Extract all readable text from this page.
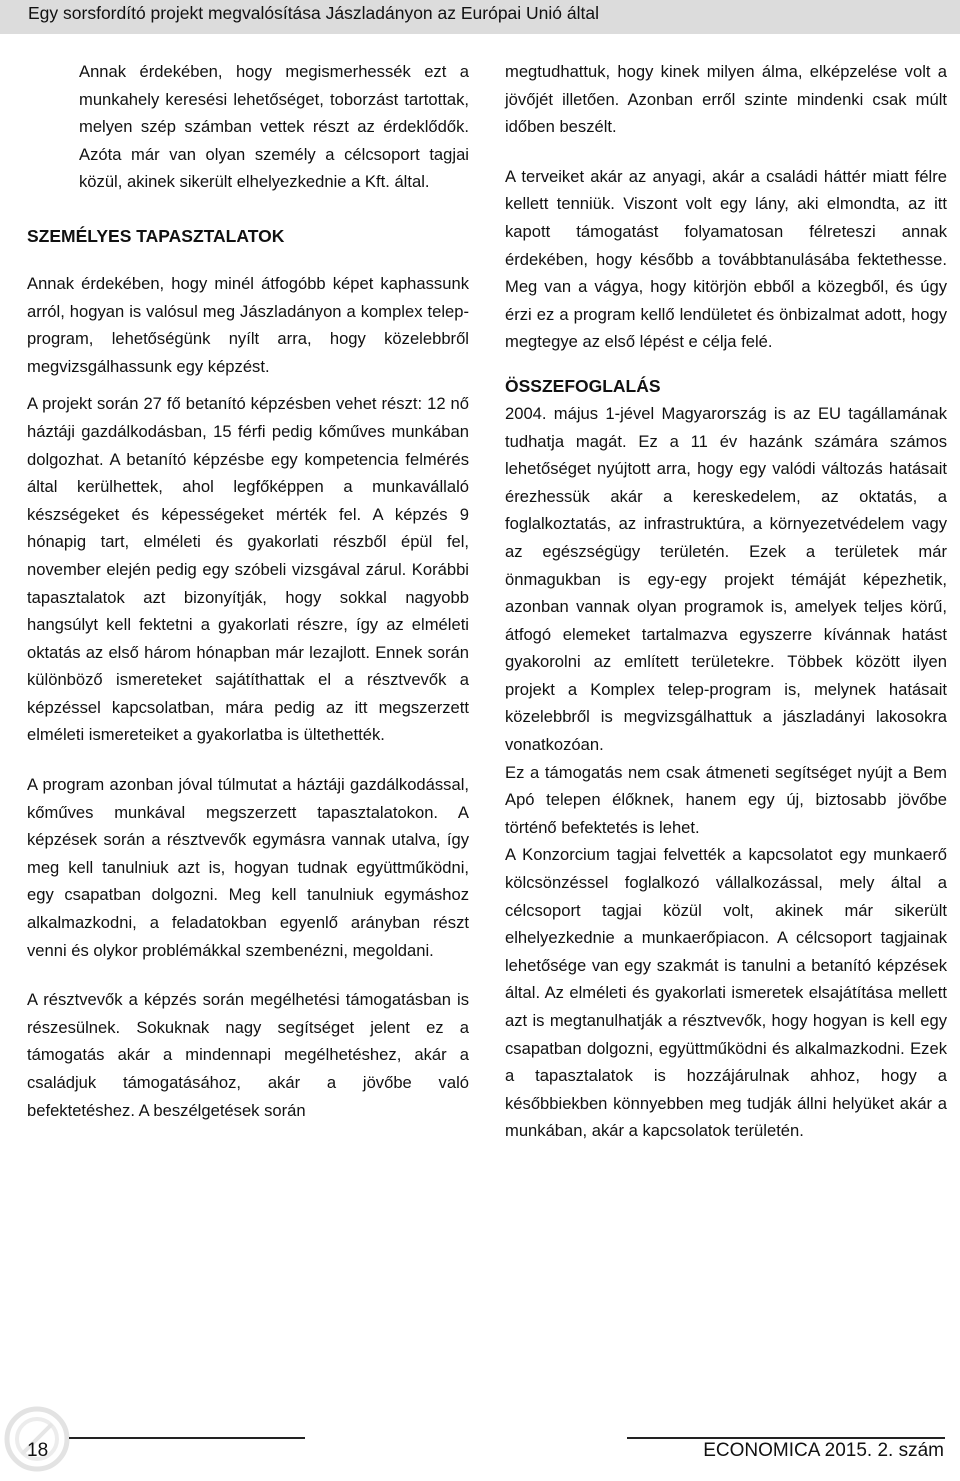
Egy sorsfordító projekt megvalósítása Jászladányon az Európai Unió által

Annak érdekében, hogy megismerhessék ezt a munkahely keresési lehetőséget, toborzást tartottak, melyen szép számban vettek részt az érdeklődők. Azóta már van olyan személy a célcsoport tagjai közül, akinek sikerült elhelyezkednie a Kft. által.

SZEMÉLYES TAPASZTALATOK

Annak érdekében, hogy minél átfogóbb képet kaphassunk arról, hogyan is valósul meg Jászladányon a komplex telep-program, lehetőségünk nyílt arra, hogy közelebbről megvizsgálhassunk egy képzést.

A projekt során 27 fő betanító képzésben vehet részt: 12 nő háztáji gazdálkodásban, 15 férfi pedig kőműves munkában dolgozhat. A betanító képzésbe egy kompetencia felmérés által kerülhettek, ahol legfőképpen a munkavállaló készségeket és képességeket mérték fel. A képzés 9 hónapig tart, elméleti és gyakorlati részből épül fel, november elején pedig egy szóbeli vizsgával zárul. Korábbi tapasztalatok azt bizonyítják, hogy sokkal nagyobb hangsúlyt kell fektetni a gyakorlati részre, így az elméleti oktatás az első három hónapban már lezajlott. Ennek során különböző ismereteket sajátíthattak el a résztvevők a képzéssel kapcsolatban, mára pedig az itt megszerzett elméleti ismereteiket a gyakorlatba is ültethették.

A program azonban jóval túlmutat a háztáji gazdálkodással, kőműves munkával megszerzett tapasztalatokon. A képzések során a résztvevők egymásra vannak utalva, így meg kell tanulniuk azt is, hogyan tudnak együttműködni, egy csapatban dolgozni. Meg kell tanulniuk egymáshoz alkalmazkodni, a feladatokban egyenlő arányban részt venni és olykor problémákkal szembenézni, megoldani.

A résztvevők a képzés során megélhetési támogatásban is részesülnek. Sokuknak nagy segítséget jelent ez a támogatás akár a mindennapi megélhetéshez, akár a családjuk támogatásához, akár a jövőbe való befektetéshez. A beszélgetések során

megtudhattuk, hogy kinek milyen álma, elképzelése volt a jövőjét illetően. Azonban erről szinte mindenki csak múlt időben beszélt.

A terveiket akár az anyagi, akár a családi háttér miatt félre kellett tenniük. Viszont volt egy lány, aki elmondta, az itt kapott támogatást folyamatosan félreteszi annak érdekében, hogy később a továbbtanulásába fektethesse. Meg van a vágya, hogy kitörjön ebből a közegből, és úgy érzi ez a program kellő lendületet és önbizalmat adott, hogy megtegye az első lépést e célja felé.

ÖSSZEFOGLALÁS

2004. május 1-jével Magyarország is az EU tagállamának tudhatja magát. Ez a 11 év hazánk számára számos lehetőséget nyújtott arra, hogy egy valódi változás hatásait érezhessük akár a kereskedelem, az oktatás, a foglalkoztatás, az infrastruktúra, a környezetvédelem vagy az egészségügy területén. Ezek a területek már önmagukban is egy-egy projekt témáját képezhetik, azonban vannak olyan programok is, amelyek teljes körű, átfogó elemeket tartalmazva egyszerre kívánnak hatást gyakorolni az említett területekre. Többek között ilyen projekt a Komplex telep-program is, melynek hatásait közelebbről is megvizsgálhattuk a jászladányi lakosokra vonatkozóan.

Ez a támogatás nem csak átmeneti segítséget nyújt a Bem Apó telepen élőknek, hanem egy új, biztosabb jövőbe történő befektetés is lehet.

A Konzorcium tagjai felvették a kapcsolatot egy munkaerő kölcsönzéssel foglalkozó vállalkozással, mely által a célcsoport tagjai közül volt, akinek már sikerült elhelyezkednie a munkaerőpiacon. A célcsoport tagjainak lehetősége van egy szakmát is tanulni a betanító képzések által. Az elméleti és gyakorlati ismeretek elsajátítása mellett azt is megtanulhatják a résztvevők, hogy hogyan is kell egy csapatban dolgozni, együttműködni és alkalmazkodni. Ezek a tapasztalatok is hozzájárulnak ahhoz, hogy a későbbiekben könnyebben meg tudják állni helyüket akár a munkában, akár a kapcsolatok területén.

18	ECONOMICA 2015. 2. szám
